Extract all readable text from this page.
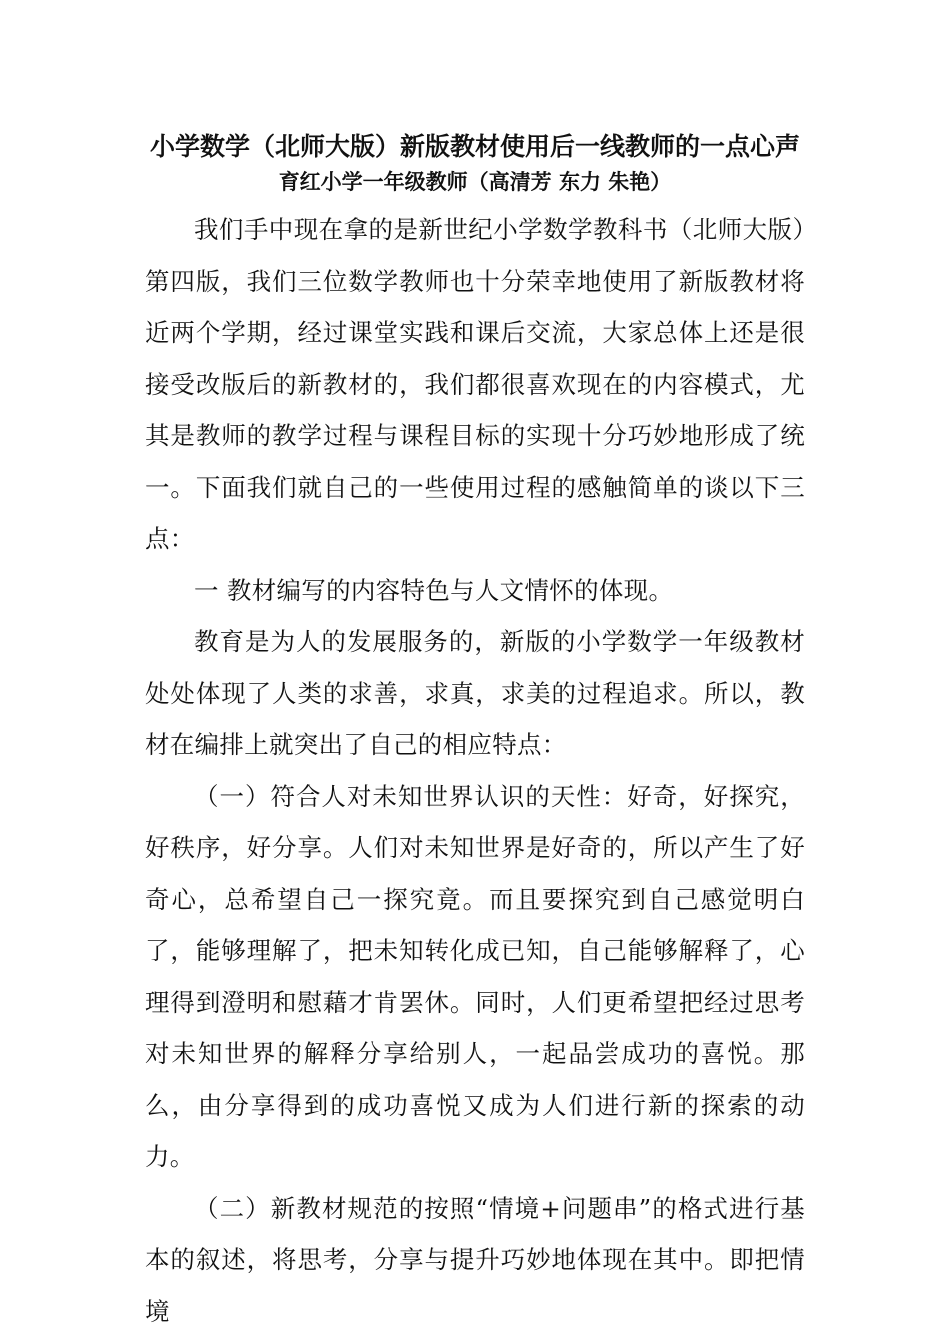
小学数学（北师大版）新版教材使用后一线教师的一点心声
育红小学一年级教师（高清芳 东力 朱艳）

我们手中现在拿的是新世纪小学数学教科书（北师大版）第四版，我们三位数学教师也十分荣幸地使用了新版教材将近两个学期，经过课堂实践和课后交流，大家总体上还是很接受改版后的新教材的，我们都很喜欢现在的内容模式，尤其是教师的教学过程与课程目标的实现十分巧妙地形成了统一。下面我们就自己的一些使用过程的感触简单的谈以下三点：

一 教材编写的内容特色与人文情怀的体现。

教育是为人的发展服务的，新版的小学数学一年级教材处处体现了人类的求善，求真，求美的过程追求。所以，教材在编排上就突出了自己的相应特点：

（一）符合人对未知世界认识的天性：好奇，好探究，好秩序，好分享。人们对未知世界是好奇的，所以产生了好奇心，总希望自己一探究竟。而且要探究到自己感觉明白了，能够理解了，把未知转化成已知，自己能够解释了，心理得到澄明和慰藉才肯罢休。同时，人们更希望把经过思考对未知世界的解释分享给别人，一起品尝成功的喜悦。那么，由分享得到的成功喜悦又成为人们进行新的探索的动力。

（二）新教材规范的按照“情境+问题串”的格式进行基本的叙述，将思考，分享与提升巧妙地体现在其中。即把情境
